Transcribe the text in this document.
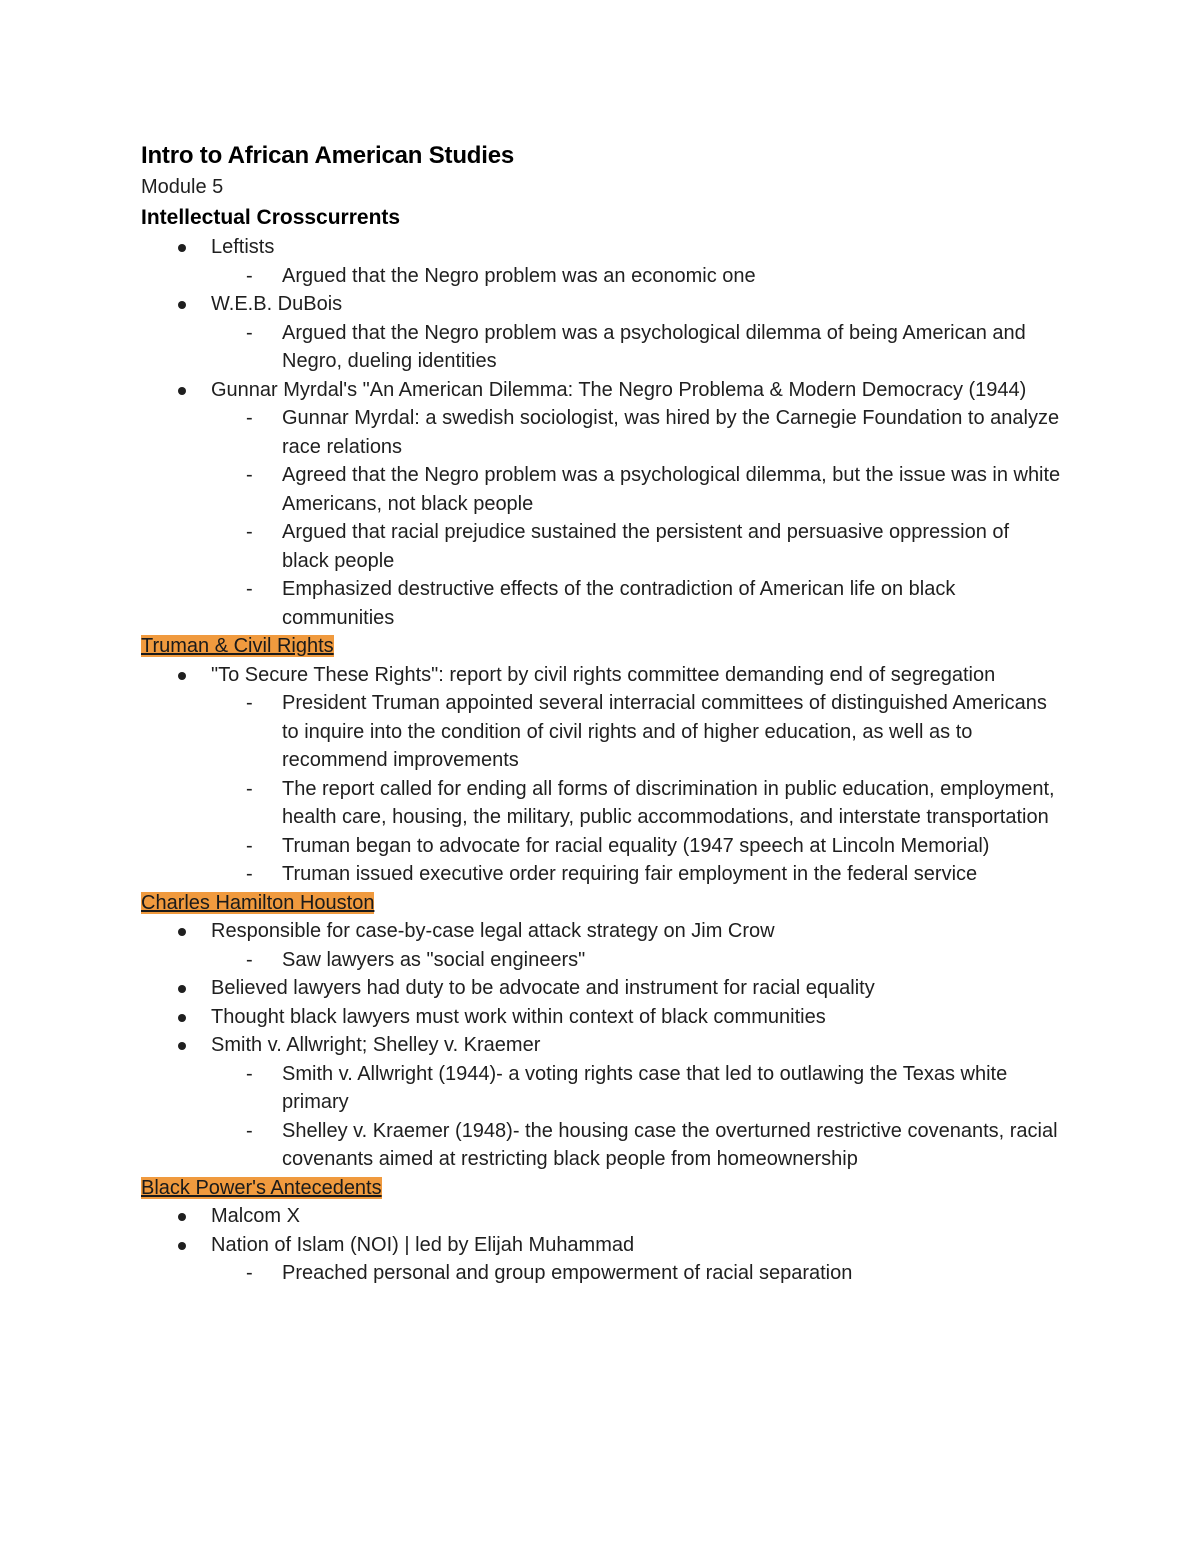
Intro to African American Studies

Module 5

Intellectual Crosscurrents
Leftists
- Argued that the Negro problem was an economic one
W.E.B. DuBois
- Argued that the Negro problem was a psychological dilemma of being American and Negro, dueling identities
Gunnar Myrdal's "An American Dilemma: The Negro Problema & Modern Democracy (1944)
- Gunnar Myrdal: a swedish sociologist, was hired by the Carnegie Foundation to analyze race relations
- Agreed that the Negro problem was a psychological dilemma, but the issue was in white Americans, not black people
- Argued that racial prejudice sustained the persistent and persuasive oppression of black people
- Emphasized destructive effects of the contradiction of American life on black communities

Truman & Civil Rights

"To Secure These Rights": report by civil rights committee demanding end of segregation
- President Truman appointed several interracial committees of distinguished Americans to inquire into the condition of civil rights and of higher education, as well as to recommend improvements
- The report called for ending all forms of discrimination in public education, employment, health care, housing, the military, public accommodations, and interstate transportation
- Truman began to advocate for racial equality (1947 speech at Lincoln Memorial)
- Truman issued executive order requiring fair employment in the federal service

Charles Hamilton Houston

Responsible for case-by-case legal attack strategy on Jim Crow
- Saw lawyers as "social engineers"
Believed lawyers had duty to be advocate and instrument for racial equality
Thought black lawyers must work within context of black communities
Smith v. Allwright; Shelley v. Kraemer
- Smith v. Allwright (1944)- a voting rights case that led to outlawing the Texas white primary
- Shelley v. Kraemer (1948)- the housing case the overturned restrictive covenants, racial covenants aimed at restricting black people from homeownership

Black Power's Antecedents

Malcom X
Nation of Islam (NOI) | led by Elijah Muhammad
- Preached personal and group empowerment of racial separation
